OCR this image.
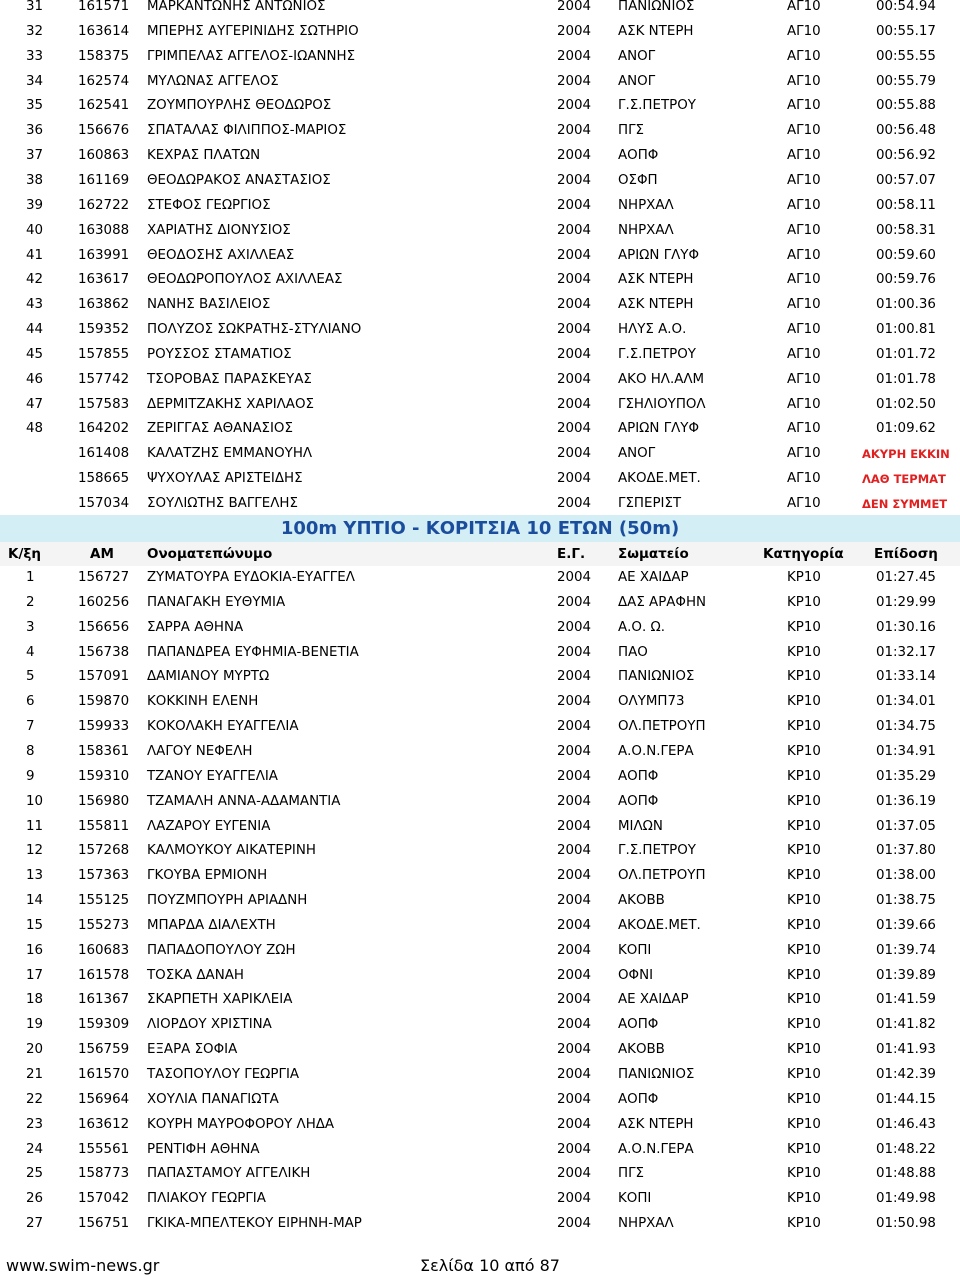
31	161571 ΜΑΡΚΑΝΤΩΝΗΣ ΑΝΤΩΝΙΟΣ	2004 ΠΑΝΙΩΝΙΟΣ	ΑΓ10	00:54.94
32	163614 ΜΠΕΡΗΣ ΑΥΓΕΡΙΝΙΔΗΣ ΣΩΤΗΡΙΟ	2004 ΑΣΚ ΝΤΕΡΗ	ΑΓ10	00:55.17
33	158375 ΓΡΙΜΠΕΛΑΣ ΑΓΓΕΛΟΣ-ΙΩΑΝΝΗΣ	2004 ΑΝΟΓ	ΑΓ10	00:55.55
34	162574 ΜΥΛΩΝΑΣ ΑΓΓΕΛΟΣ	2004 ΑΝΟΓ	ΑΓ10	00:55.79
35	162541 ΖΟΥΜΠΟΥΡΛΗΣ ΘΕΟΔΩΡΟΣ	2004 Γ.Σ.ΠΕΤΡΟΥ	ΑΓ10	00:55.88
36	156676 ΣΠΑΤΑΛΑΣ ΦΙΛΙΠΠΟΣ-ΜΑΡΙΟΣ	2004 ΠΓΣ	ΑΓ10	00:56.48
37	160863 ΚΕΧΡΑΣ ΠΛΑΤΩΝ	2004 ΑΟΠΦ	ΑΓ10	00:56.92
38	161169 ΘΕΟΔΩΡΑΚΟΣ ΑΝΑΣΤΑΣΙΟΣ	2004 ΟΣΦΠ	ΑΓ10	00:57.07
39	162722 ΣΤΕΦΟΣ ΓΕΩΡΓΙΟΣ	2004 ΝΗΡΧΑΛ	ΑΓ10	00:58.11
40	163088 ΧΑΡΙΑΤΗΣ ΔΙΟΝΥΣΙΟΣ	2004 ΝΗΡΧΑΛ	ΑΓ10	00:58.31
41	163991 ΘΕΟΔΟΣΗΣ ΑΧΙΛΛΕΑΣ	2004 ΑΡΙΩΝ ΓΛΥΦ	ΑΓ10	00:59.60
42	163617 ΘΕΟΔΩΡΟΠΟΥΛΟΣ ΑΧΙΛΛΕΑΣ	2004 ΑΣΚ ΝΤΕΡΗ	ΑΓ10	00:59.76
43	163862 ΝΑΝΗΣ ΒΑΣΙΛΕΙΟΣ	2004 ΑΣΚ ΝΤΕΡΗ	ΑΓ10	01:00.36
44	159352 ΠΟΛΥΖΟΣ ΣΩΚΡΑΤΗΣ-ΣΤΥΛΙΑΝΟ	2004 ΗΛΥΣ Α.Ο.	ΑΓ10	01:00.81
45	157855 ΡΟΥΣΣΟΣ ΣΤΑΜΑΤΙΟΣ	2004 Γ.Σ.ΠΕΤΡΟΥ	ΑΓ10	01:01.72
46	157742 ΤΣΟΡΟΒΑΣ ΠΑΡΑΣΚΕΥΑΣ	2004 ΑΚΟ ΗΛ.ΑΛΜ	ΑΓ10	01:01.78
47	157583 ΔΕΡΜΙΤΖΑΚΗΣ ΧΑΡΙΛΑΟΣ	2004 ΓΣΗΛΙΟΥΠΟΛ	ΑΓ10	01:02.50
48	164202 ΖΕΡΙΓΓΑΣ ΑΘΑΝΑΣΙΟΣ	2004 ΑΡΙΩΝ ΓΛΥΦ	ΑΓ10	01:09.62
161408 ΚΑΛΑΤΖΗΣ ΕΜΜΑΝΟΥΗΛ	2004 ΑΝΟΓ	ΑΓ10	ΑΚΥΡΗ ΕΚΚΙΝ
158665 ΨΥΧΟΥΛΑΣ ΑΡΙΣΤΕΙΔΗΣ	2004 ΑΚΟΔΕ.ΜΕΤ.	ΑΓ10	ΛΑΘ ΤΕΡΜΑΤ
157034 ΣΟΥΛΙΩΤΗΣ ΒΑΓΓΕΛΗΣ	2004 ΓΣΠΕΡΙΣΤ	ΑΓ10	ΔΕΝ ΣΥΜΜΕΤ
100m ΥΠΤΙΟ - ΚΟΡΙΤΣΙΑ 10 ΕΤΩΝ (50m)
Κ/ξη	ΑΜ Ονοματεπώνυμο	Ε.Γ. Σωματείο	Κατηγορία Επίδοση
1	156727 ΖΥΜΑΤΟΥΡΑ ΕΥΔΟΚΙΑ-ΕΥΑΓΓΕΛ	2004 ΑΕ ΧΑΙΔΑΡ	ΚΡ10	01:27.45
2	160256 ΠΑΝΑΓΑΚΗ ΕΥΘΥΜΙΑ	2004 ΔΑΣ ΑΡΑΦΗΝ	ΚΡ10	01:29.99
3	156656 ΣΑΡΡΑ ΑΘΗΝΑ	2004 Α.Ο. Ω.	ΚΡ10	01:30.16
4	156738 ΠΑΠΑΝΔΡΕΑ ΕΥΦΗΜΙΑ-ΒΕΝΕΤΙΑ	2004 ΠΑΟ	ΚΡ10	01:32.17
5	157091 ΔΑΜΙΑΝΟΥ ΜΥΡΤΩ	2004 ΠΑΝΙΩΝΙΟΣ	ΚΡ10	01:33.14
6	159870 ΚΟΚΚΙΝΗ ΕΛΕΝΗ	2004 ΟΛΥΜΠ73	ΚΡ10	01:34.01
7	159933 ΚΟΚΟΛΑΚΗ ΕΥΑΓΓΕΛΙΑ	2004 ΟΛ.ΠΕΤΡΟΥΠ	ΚΡ10	01:34.75
8	158361 ΛΑΓΟΥ ΝΕΦΕΛΗ	2004 Α.Ο.Ν.ΓΕΡΑ	ΚΡ10	01:34.91
9	159310 ΤΖΑΝΟΥ ΕΥΑΓΓΕΛΙΑ	2004 ΑΟΠΦ	ΚΡ10	01:35.29
10	156980 ΤΖΑΜΑΛΗ ΑΝΝΑ-ΑΔΑΜΑΝΤΙΑ	2004 ΑΟΠΦ	ΚΡ10	01:36.19
11	155811 ΛΑΖΑΡΟΥ ΕΥΓΕΝΙΑ	2004 ΜΙΛΩΝ	ΚΡ10	01:37.05
12	157268 ΚΑΛΜΟΥΚΟΥ ΑΙΚΑΤΕΡΙΝΗ	2004 Γ.Σ.ΠΕΤΡΟΥ	ΚΡ10	01:37.80
13	157363 ΓΚΟΥΒΑ ΕΡΜΙΟΝΗ	2004 ΟΛ.ΠΕΤΡΟΥΠ	ΚΡ10	01:38.00
14	155125 ΠΟΥΖΜΠΟΥΡΗ ΑΡΙΑΔΝΗ	2004 ΑΚΟΒΒ	ΚΡ10	01:38.75
15	155273 ΜΠΑΡΔΑ ΔΙΑΛΕΧΤΗ	2004 ΑΚΟΔΕ.ΜΕΤ.	ΚΡ10	01:39.66
16	160683 ΠΑΠΑΔΟΠΟΥΛΟΥ ΖΩΗ	2004 ΚΟΠΙ	ΚΡ10	01:39.74
17	161578 ΤΟΣΚΑ ΔΑΝΑΗ	2004 ΟΦΝΙ	ΚΡ10	01:39.89
18	161367 ΣΚΑΡΠΕΤΗ ΧΑΡΙΚΛΕΙΑ	2004 ΑΕ ΧΑΙΔΑΡ	ΚΡ10	01:41.59
19	159309 ΛΙΟΡΔΟΥ ΧΡΙΣΤΙΝΑ	2004 ΑΟΠΦ	ΚΡ10	01:41.82
20	156759 ΕΞΑΡΑ ΣΟΦΙΑ	2004 ΑΚΟΒΒ	ΚΡ10	01:41.93
21	161570 ΤΑΣΟΠΟΥΛΟΥ ΓΕΩΡΓΙΑ	2004 ΠΑΝΙΩΝΙΟΣ	ΚΡ10	01:42.39
22	156964 ΧΟΥΛΙΑ ΠΑΝΑΓΙΩΤΑ	2004 ΑΟΠΦ	ΚΡ10	01:44.15
23	163612 ΚΟΥΡΗ ΜΑΥΡΟΦΟΡΟΥ ΛΗΔΑ	2004 ΑΣΚ ΝΤΕΡΗ	ΚΡ10	01:46.43
24	155561 ΡΕΝΤΙΦΗ ΑΘΗΝΑ	2004 Α.Ο.Ν.ΓΕΡΑ	ΚΡ10	01:48.22
25	158773 ΠΑΠΑΣΤΑΜΟΥ ΑΓΓΕΛΙΚΗ	2004 ΠΓΣ	ΚΡ10	01:48.88
26	157042 ΠΛΙΑΚΟΥ ΓΕΩΡΓΙΑ	2004 ΚΟΠΙ	ΚΡ10	01:49.98
27	156751 ΓΚΙΚΑ-ΜΠΕΛΤΕΚΟΥ ΕΙΡΗΝΗ-ΜΑΡ	2004 ΝΗΡΧΑΛ	ΚΡ10	01:50.98
www.swim-news.gr	Σελίδα 10 από 87
